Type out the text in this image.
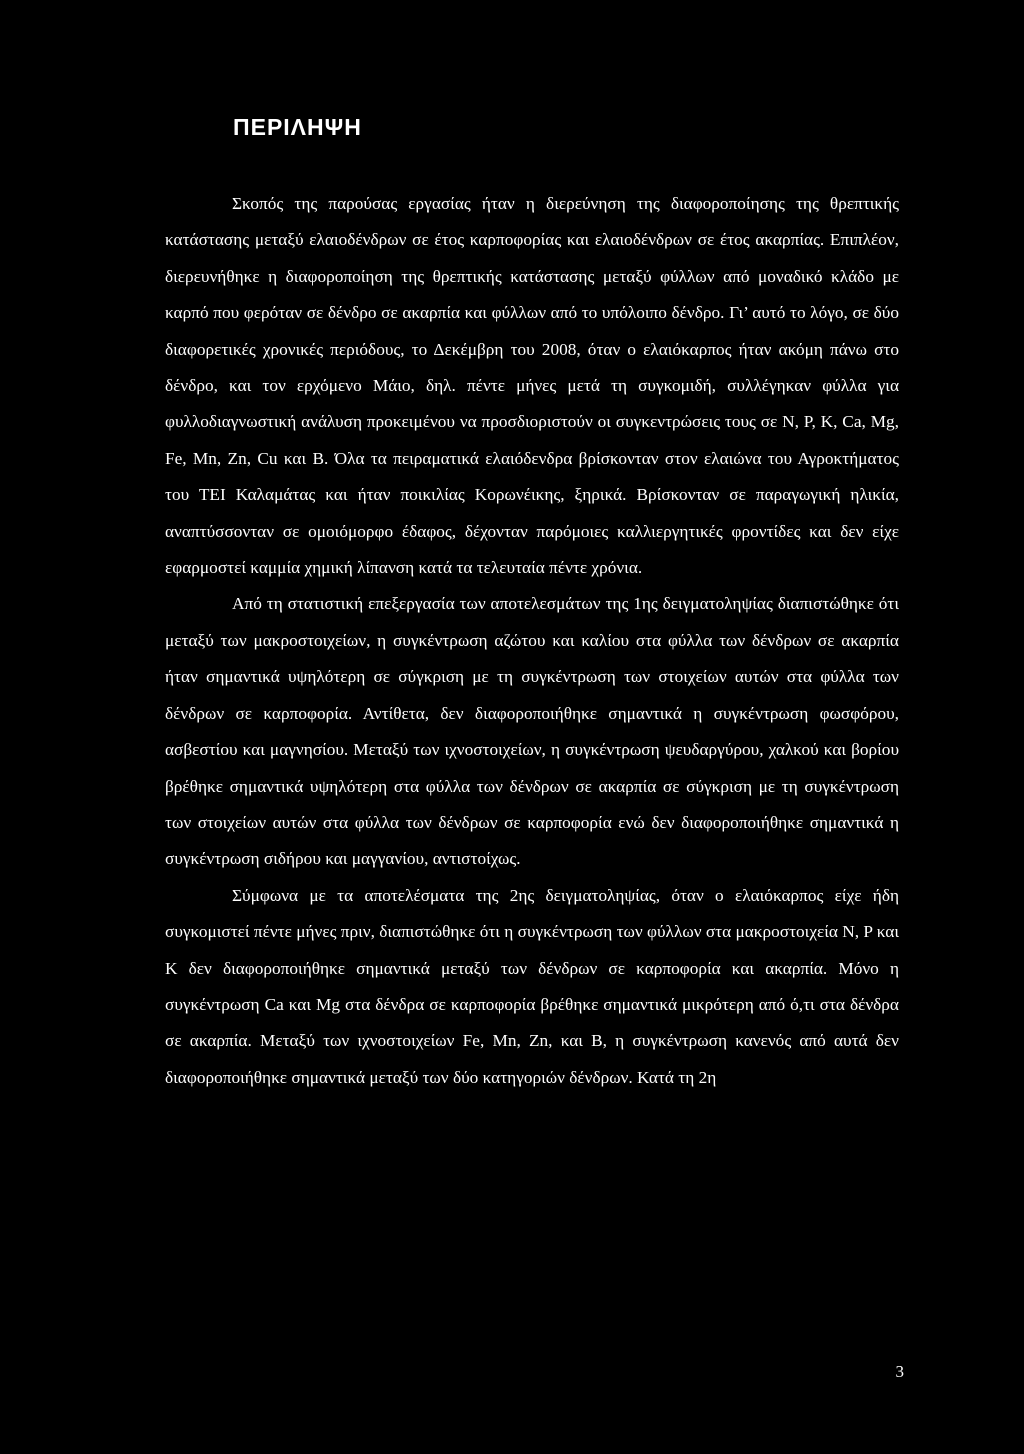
ΠΕΡΙΛΗΨΗ

Σκοπός της παρούσας εργασίας ήταν η διερεύνηση της διαφοροποίησης της θρεπτικής κατάστασης μεταξύ ελαιοδένδρων σε έτος καρποφορίας και ελαιοδένδρων σε έτος ακαρπίας. Επιπλέον, διερευνήθηκε η διαφοροποίηση της θρεπτικής κατάστασης μεταξύ φύλλων από μοναδικό κλάδο με καρπό που φερόταν σε δένδρο σε ακαρπία και φύλλων από το υπόλοιπο δένδρο. Γι’ αυτό το λόγο, σε δύο διαφορετικές χρονικές περιόδους, το Δεκέμβρη του 2008, όταν ο ελαιόκαρπος ήταν ακόμη πάνω στο δένδρο, και τον ερχόμενο Μάιο, δηλ. πέντε μήνες μετά τη συγκομιδή, συλλέγηκαν φύλλα για φυλλοδιαγνωστική ανάλυση προκειμένου να προσδιοριστούν οι συγκεντρώσεις τους σε N, P, K, Ca, Mg, Fe, Mn, Zn, Cu και B. Όλα τα πειραματικά ελαιόδενδρα βρίσκονταν στον ελαιώνα του Αγροκτήματος του ΤΕΙ Καλαμάτας και ήταν ποικιλίας Κορωνέικης, ξηρικά. Βρίσκονταν σε παραγωγική ηλικία, αναπτύσσονταν σε ομοιόμορφο έδαφος, δέχονταν παρόμοιες καλλιεργητικές φροντίδες και δεν είχε εφαρμοστεί καμμία χημική λίπανση κατά τα τελευταία πέντε χρόνια.

Από τη στατιστική επεξεργασία των αποτελεσμάτων της 1ης δειγματοληψίας διαπιστώθηκε ότι μεταξύ των μακροστοιχείων, η συγκέντρωση αζώτου και καλίου στα φύλλα των δένδρων σε ακαρπία ήταν σημαντικά υψηλότερη σε σύγκριση με τη συγκέντρωση των στοιχείων αυτών στα φύλλα των δένδρων σε καρποφορία. Αντίθετα, δεν διαφοροποιήθηκε σημαντικά η συγκέντρωση φωσφόρου, ασβεστίου και μαγνησίου. Μεταξύ των ιχνοστοιχείων, η συγκέντρωση ψευδαργύρου, χαλκού και βορίου βρέθηκε σημαντικά υψηλότερη στα φύλλα των δένδρων σε ακαρπία σε σύγκριση με τη συγκέντρωση των στοιχείων αυτών στα φύλλα των δένδρων σε καρποφορία ενώ δεν διαφοροποιήθηκε σημαντικά η συγκέντρωση σιδήρου και μαγγανίου, αντιστοίχως.

Σύμφωνα με τα αποτελέσματα της 2ης δειγματοληψίας, όταν ο ελαιόκαρπος είχε ήδη συγκομιστεί πέντε μήνες πριν, διαπιστώθηκε ότι η συγκέντρωση των φύλλων στα μακροστοιχεία N, P και K δεν διαφοροποιήθηκε σημαντικά μεταξύ των δένδρων σε καρποφορία και ακαρπία. Μόνο η συγκέντρωση Ca και Mg στα δένδρα σε καρποφορία βρέθηκε σημαντικά μικρότερη από ό,τι στα δένδρα σε ακαρπία. Μεταξύ των ιχνοστοιχείων Fe, Mn, Zn, και B, η συγκέντρωση κανενός από αυτά δεν διαφοροποιήθηκε σημαντικά μεταξύ των δύο κατηγοριών δένδρων. Κατά τη 2η

3
